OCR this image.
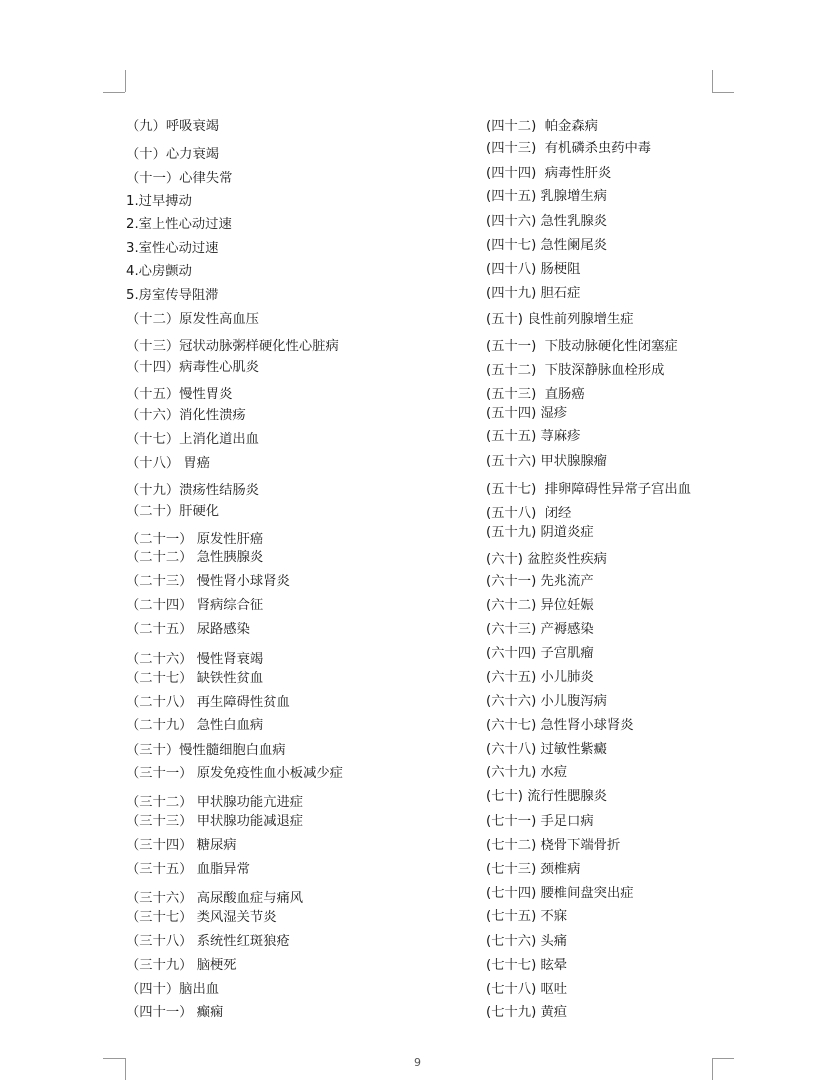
（九）呼吸衰竭
（十）心力衰竭
（十一）心律失常
1.过早搏动
2.室上性心动过速
3.室性心动过速
4.心房颤动
5.房室传导阻滞
（十二）原发性高血压
（十三）冠状动脉粥样硬化性心脏病
（十四）病毒性心肌炎
（十五）慢性胃炎
（十六）消化性溃疡
（十七）上消化道出血
（十八） 胃癌
（十九）溃疡性结肠炎
（二十）肝硬化
（二十一） 原发性肝癌
（二十二） 急性胰腺炎
（二十三） 慢性肾小球肾炎
（二十四） 肾病综合征
（二十五） 尿路感染
（二十六） 慢性肾衰竭
（二十七） 缺铁性贫血
（二十八） 再生障碍性贫血
（二十九） 急性白血病
（三十）慢性髓细胞白血病
（三十一） 原发免疫性血小板减少症
（三十二） 甲状腺功能亢进症
（三十三） 甲状腺功能减退症
（三十四） 糖尿病
（三十五） 血脂异常
（三十六） 高尿酸血症与痛风
（三十七） 类风湿关节炎
（三十八） 系统性红斑狼疮
（三十九） 脑梗死
（四十）脑出血
（四十一） 癫痫
(四十二)  帕金森病
(四十三)  有机磷杀虫药中毒
(四十四)  病毒性肝炎
(四十五) 乳腺增生病
(四十六) 急性乳腺炎
(四十七) 急性阑尾炎
(四十八) 肠梗阻
(四十九) 胆石症
(五十) 良性前列腺增生症
(五十一)  下肢动脉硬化性闭塞症
(五十二)  下肢深静脉血栓形成
(五十三)  直肠癌
(五十四) 湿疹
(五十五) 荨麻疹
(五十六) 甲状腺腺瘤
(五十七)  排卵障碍性异常子宫出血
(五十八)  闭经
(五十九) 阴道炎症
(六十) 盆腔炎性疾病
(六十一) 先兆流产
(六十二) 异位妊娠
(六十三) 产褥感染
(六十四) 子宫肌瘤
(六十五) 小儿肺炎
(六十六) 小儿腹泻病
(六十七) 急性肾小球肾炎
(六十八) 过敏性紫癜
(六十九) 水痘
(七十) 流行性腮腺炎
(七十一) 手足口病
(七十二) 桡骨下端骨折
(七十三) 颈椎病
(七十四) 腰椎间盘突出症
(七十五) 不寐
(七十六) 头痛
(七十七) 眩晕
(七十八) 呕吐
(七十九) 黄疸
9
